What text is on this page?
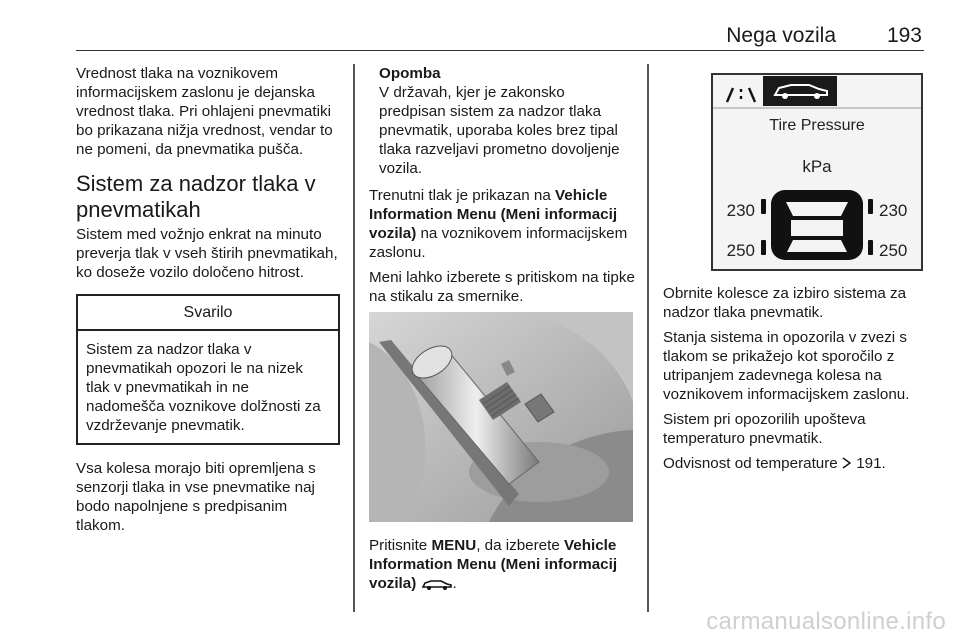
Nega vozila 193

Vrednost tlaka na voznikovem informacijskem zaslonu je dejanska vrednost tlaka. Pri ohlajeni pnevmatiki bo prikazana nižja vrednost, vendar to ne pomeni, da pnevmatika pušča.

Sistem za nadzor tlaka v pnevmatikah

Sistem med vožnjo enkrat na minuto preverja tlak v vseh štirih pnevmatikah, ko doseže vozilo določeno hitrost.

Svarilo
Sistem za nadzor tlaka v pnevmatikah opozori le na nizek tlak v pnevmatikah in ne nadomešča voznikove dolžnosti za vzdrževanje pnevmatik.

Vsa kolesa morajo biti opremljena s senzorji tlaka in vse pnevmatike naj bodo napolnjene s predpisanim tlakom.

Opomba
V državah, kjer je zakonsko predpisan sistem za nadzor tlaka pnevmatik, uporaba koles brez tipal tlaka razveljavi prometno dovoljenje vozila.

Trenutni tlak je prikazan na Vehicle Information Menu (Meni informacij vozila) na voznikovem informacijskem zaslonu.

Meni lahko izberete s pritiskom na tipke na stikalu za smernike.

Pritisnite MENU, da izberete Vehicle Information Menu (Meni informacij vozila) .

Tire Pressure
kPa
230	230
250	250

Obrnite kolesce za izbiro sistema za nadzor tlaka pnevmatik.

Stanja sistema in opozorila v zvezi s tlakom se prikažejo kot sporočilo z utripanjem zadevnega kolesa na voznikovem informacijskem zaslonu.

Sistem pri opozorilih upošteva temperaturo pnevmatik.

Odvisnost od temperature  191.

carmanualsonline.info
